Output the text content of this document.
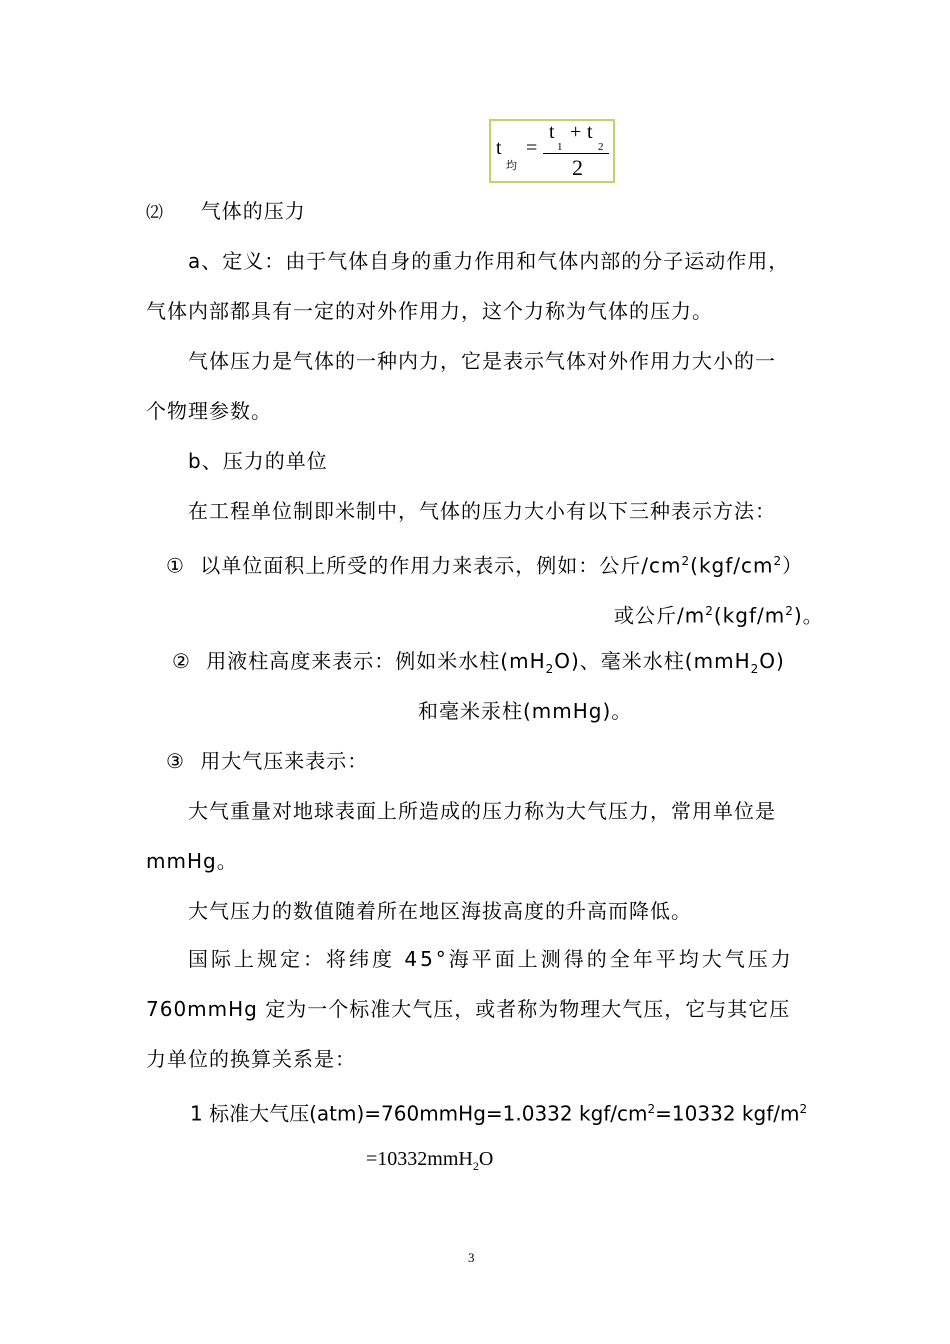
t
均
=
t + t
1	2
2
⑵ 气体的压力
a、定义：由于气体自身的重力作用和气体内部的分子运动作用，
气体内部都具有一定的对外作用力，这个力称为气体的压力。
气体压力是气体的一种内力，它是表示气体对外作用力大小的一
个物理参数。
b、压力的单位
在工程单位制即米制中，气体的压力大小有以下三种表示方法：
① 以单位面积上所受的作用力来表示，例如：公斤$/cm^2(kgf/cm^2)$
或公斤$/m^2(kgf/m^2)$。
② 用液柱高度来表示：例如米水柱$(mH_2O)$、毫米水柱(mmH$_2$O)
和毫米汞柱(mmHg)。
③ 用大气压来表示：
大气重量对地球表面上所造成的压力称为大气压力，常用单位是
mmHg。
大气压力的数值随着所在地区海拔高度的升高而降低。
国际上规定：将纬度 45°海平面上测得的全年平均大气压力
760mmHg 定为一个标准大气压，或者称为物理大气压，它与其它压
力单位的换算关系是：
1 标准大气压(atm)=760mmHg=1.0332 kgf/$cm^2=10332$ kgf/$m^2$
=10332mmH$_2$O
3
